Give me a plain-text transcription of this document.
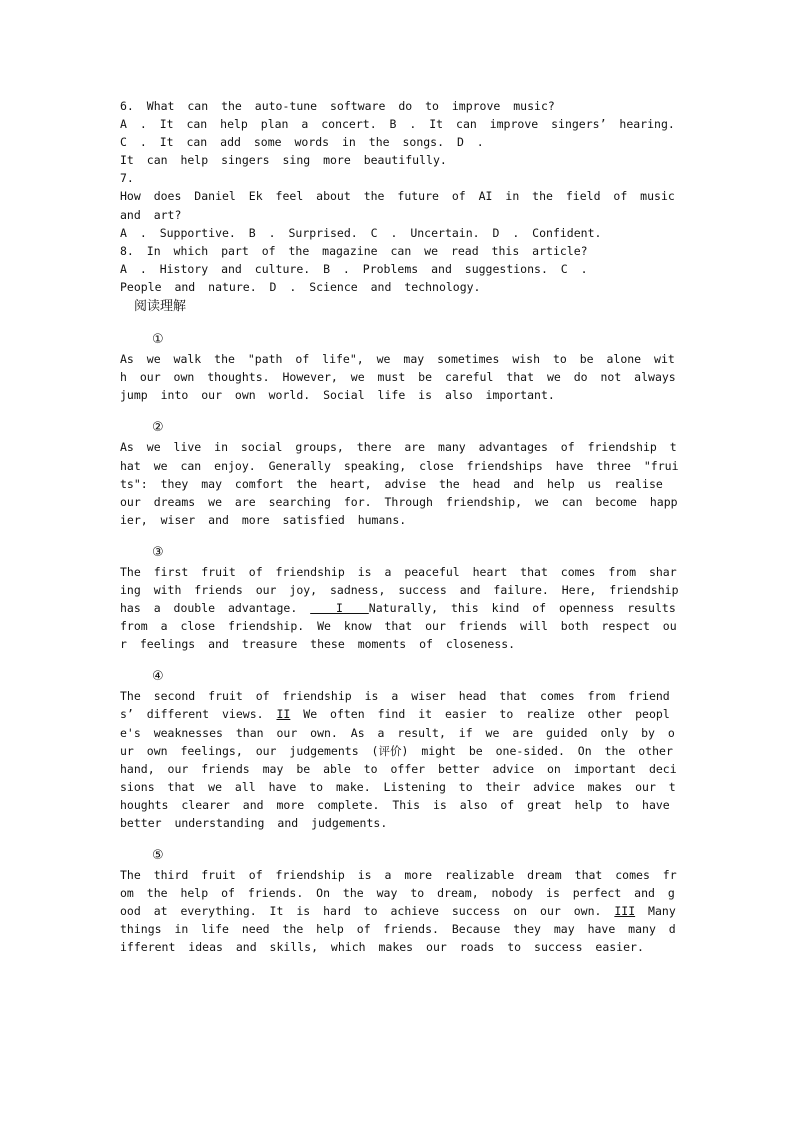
6. What can the auto-tune software do to improve music?
A . It can help plan a concert. B . It can improve singers’ hearing.
C . It can add some words in the songs. D .
It can help singers sing more beautifully.
7.
How does Daniel Ek feel about the future of AI in the field of music and art?
A . Supportive. B . Surprised. C . Uncertain. D . Confident.
8. In which part of the magazine can we read this article?
A . History and culture. B . Problems and suggestions. C .
People and nature. D . Science and technology.
阅读理解
①
As we walk the "path of life", we may sometimes wish to be alone with our own thoughts. However, we must be careful that we do not always jump into our own world. Social life is also important.
②
As we live in social groups, there are many advantages of friendship that we can enjoy. Generally speaking, close friendships have three "fruits": they may comfort the heart, advise the head and help us realise our dreams we are searching for. Through friendship, we can become happier, wiser and more satisfied humans.
③
The first fruit of friendship is a peaceful heart that comes from sharing with friends our joy, sadness, success and failure. Here, friendship has a double advantage.   I  Naturally, this kind of openness results from a close friendship. We know that our friends will both respect our feelings and treasure these moments of closeness.
④
The second fruit of friendship is a wiser head that comes from friends’ different views. II We often find it easier to realize other people's weaknesses than our own. As a result, if we are guided only by our own feelings, our judgements (评价) might be one-sided. On the other hand, our friends may be able to offer better advice on important decisions that we all have to make. Listening to their advice makes our thoughts clearer and more complete. This is also of great help to have better understanding and judgements.
⑤
The third fruit of friendship is a more realizable dream that comes from the help of friends. On the way to dream, nobody is perfect and good at everything. It is hard to achieve success on our own. III Many things in life need the help of friends. Because they may have many different ideas and skills, which makes our roads to success easier.
